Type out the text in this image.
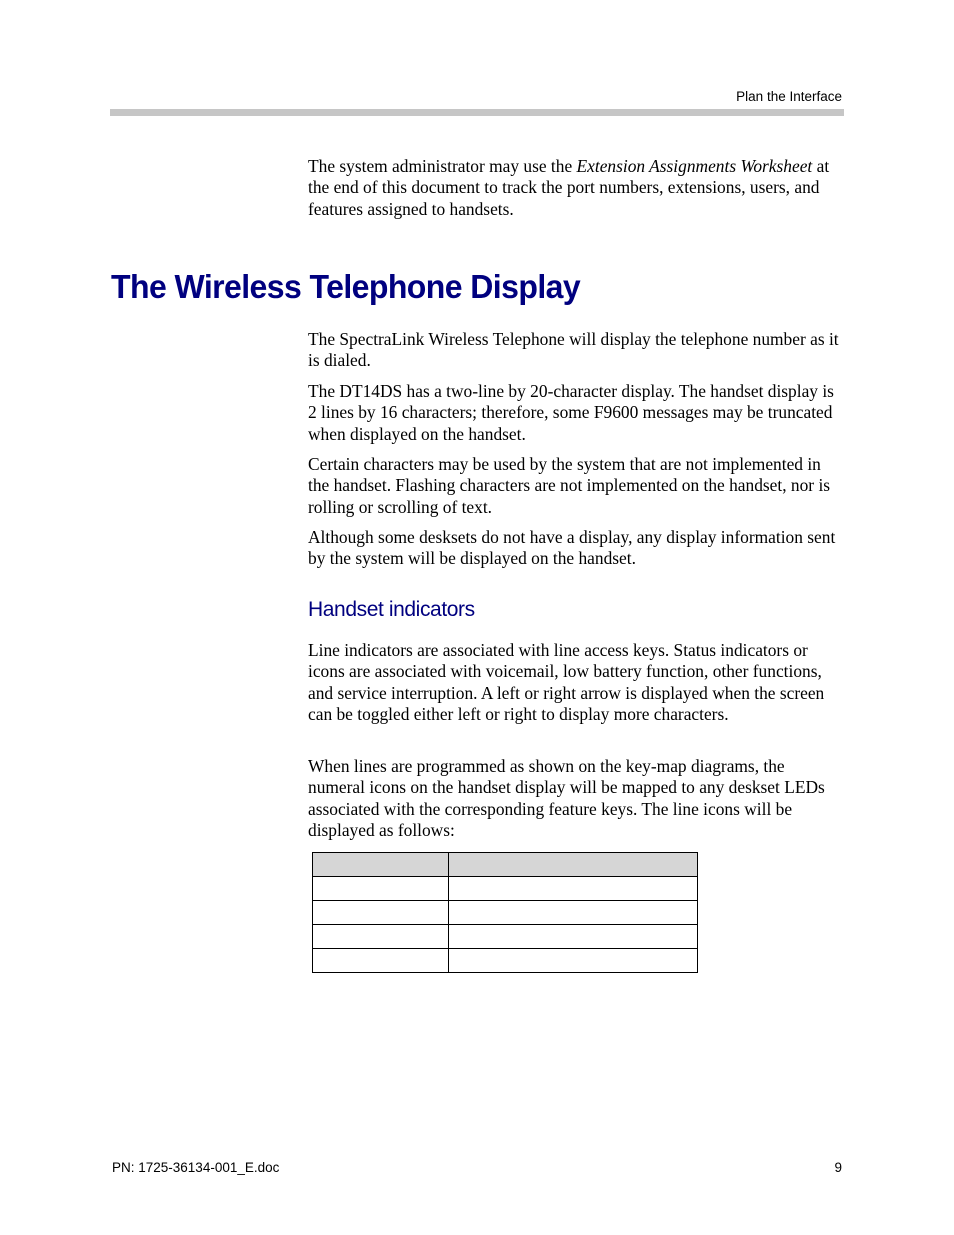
Plan the Interface

The system administrator may use the Extension Assignments Worksheet at the end of this document to track the port numbers, extensions, users, and features assigned to handsets.

The Wireless Telephone Display

The SpectraLink Wireless Telephone will display the telephone number as it is dialed.

The DT14DS has a two-line by 20-character display. The handset display is 2 lines by 16 characters; therefore, some F9600 messages may be truncated when displayed on the handset.

Certain characters may be used by the system that are not implemented in the handset. Flashing characters are not implemented on the handset, nor is rolling or scrolling of text.

Although some desksets do not have a display, any display information sent by the system will be displayed on the handset.

Handset indicators

Line indicators are associated with line access keys. Status indicators or icons are associated with voicemail, low battery function, other functions, and service interruption. A left or right arrow is displayed when the screen can be toggled either left or right to display more characters.

When lines are programmed as shown on the key-map diagrams, the numeral icons on the handset display will be mapped to any deskset LEDs associated with the corresponding feature keys. The line icons will be displayed as follows:

PN: 1725-36134-001_E.doc	9
